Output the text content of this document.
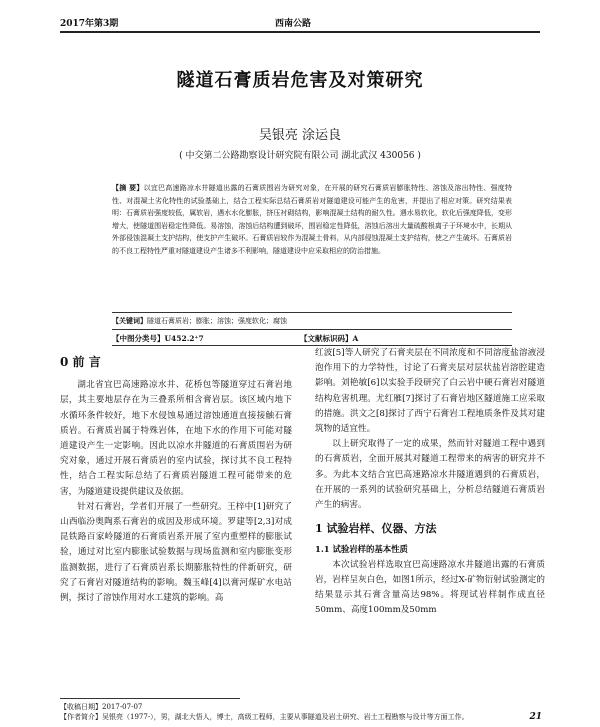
2017年第3期	西南公路
隧道石膏质岩危害及对策研究
吴银亮 涂运良
( 中交第二公路勘察设计研究院有限公司 湖北武汉 430056 )

【摘 要】以宜巴高速路凉水井隧道出露的石膏质围岩为研究对象，在开展的研究石膏质岩膨胀特性、溶蚀及溶出特性、强度特性、对混凝土劣化特性的试验基础上，结合工程实际总结石膏质岩对隧道建设可能产生的危害，并提出了相应对策。研究结果表明：石膏质岩强度较低，属软岩，遇水水化膨胀，挤压衬砌结构，影响混凝土结构的耐久性。遇水易软化，软化后强度降低，变形增大，使隧道围岩稳定性降低。易溶蚀，溶蚀后结构遭到破坏，围岩稳定性降低，溶蚀后溶出大量硫酸根离子于环境水中，长期从外部侵蚀混凝土支护结构，使支护产生破坏。石膏质岩较作为混凝土骨料，从内部侵蚀混凝土支护结构，使之产生破坏。石膏质岩的不良工程特性严重对隧道建设产生诸多不利影响，隧道建设中应采取相应的防治措施。

【关键词】隧道石膏质岩；膨胀；溶蚀；强度软化；腐蚀
【中图分类号】U452.2⁺7	【文献标识码】A
0 前 言

湖北省宜巴高速路凉水井、花桥包等隧道穿过石膏岩地层，其主要地层存在为三叠系所相含膏岩层。该区域内地下水循环条件较好，地下水侵蚀易通过溶蚀通道直接接触石膏质岩。石膏质岩属于特殊岩体，在地下水的作用下可能对隧道建设产生一定影响。因此以凉水井隧道的石膏质围岩为研究对象，通过开展石膏质岩的室内试验，探讨其不良工程特性，结合工程实际总结了石膏质岩隧道工程可能带来的危害，为隧道建设提供建议及依据。

针对石膏岩，学者们开展了一些研究。王梓中[1]研究了山西临汾奥陶系石膏岩的成因及形成环境。罗建等[2,3]对成昆铁路百家岭隧道的石膏质岩系开展了室内重塑样的膨胀试验，通过对比室内膨胀试验数据与现场监测和室内膨胀变形监测数据，进行了石膏质岩系长期膨胀特性的伴新研究，研究了石膏岩对隧道结构的影响。魏玉峰[4]以膏河煤矿水电站例，探讨了溶蚀作用对水工建筑的影响。高

红波[5]等人研究了石膏夹层在不同浓度和不同溶度盐溶液浸泡作用下的力学特性，讨论了石膏夹层对层状盐岩溶腔建造影响。刘艳敏[6]以实验手段研究了白云岩中硬石膏岩对隧道结构危害机理。尤红雁[7]探讨了石膏岩地区隧道施工应采取的措施。洪文之[8]探讨了西宁石膏岩工程地质条件及其对建筑物的适宜性。

以上研究取得了一定的成果，然而针对隧道工程中遇到的石膏质岩，全面开展其对隧道工程带来的病害的研究并不多。为此本文结合宜巴高速路凉水井隧道遇到的石膏质岩，在开展的一系列的试验研究基础上，分析总结隧道石膏质岩产生的病害。

1 试验岩样、仪器、方法
1.1 试验岩样的基本性质

本次试验岩样选取宜巴高速路凉水井隧道出露的石膏质岩，岩样呈灰白色，如图1所示，经过X-矿物衍射试验测定的结果显示其石膏含量高达98%。将现试岩样制作成直径50mm、高度100mm及50mm

【收稿日期】2017-07-07
【作者简介】吴银亮（1977-），男，湖北大悟人，博士，高级工程师，主要从事隧道及岩土研究、岩土工程勘察与设计等方面工作。	21
